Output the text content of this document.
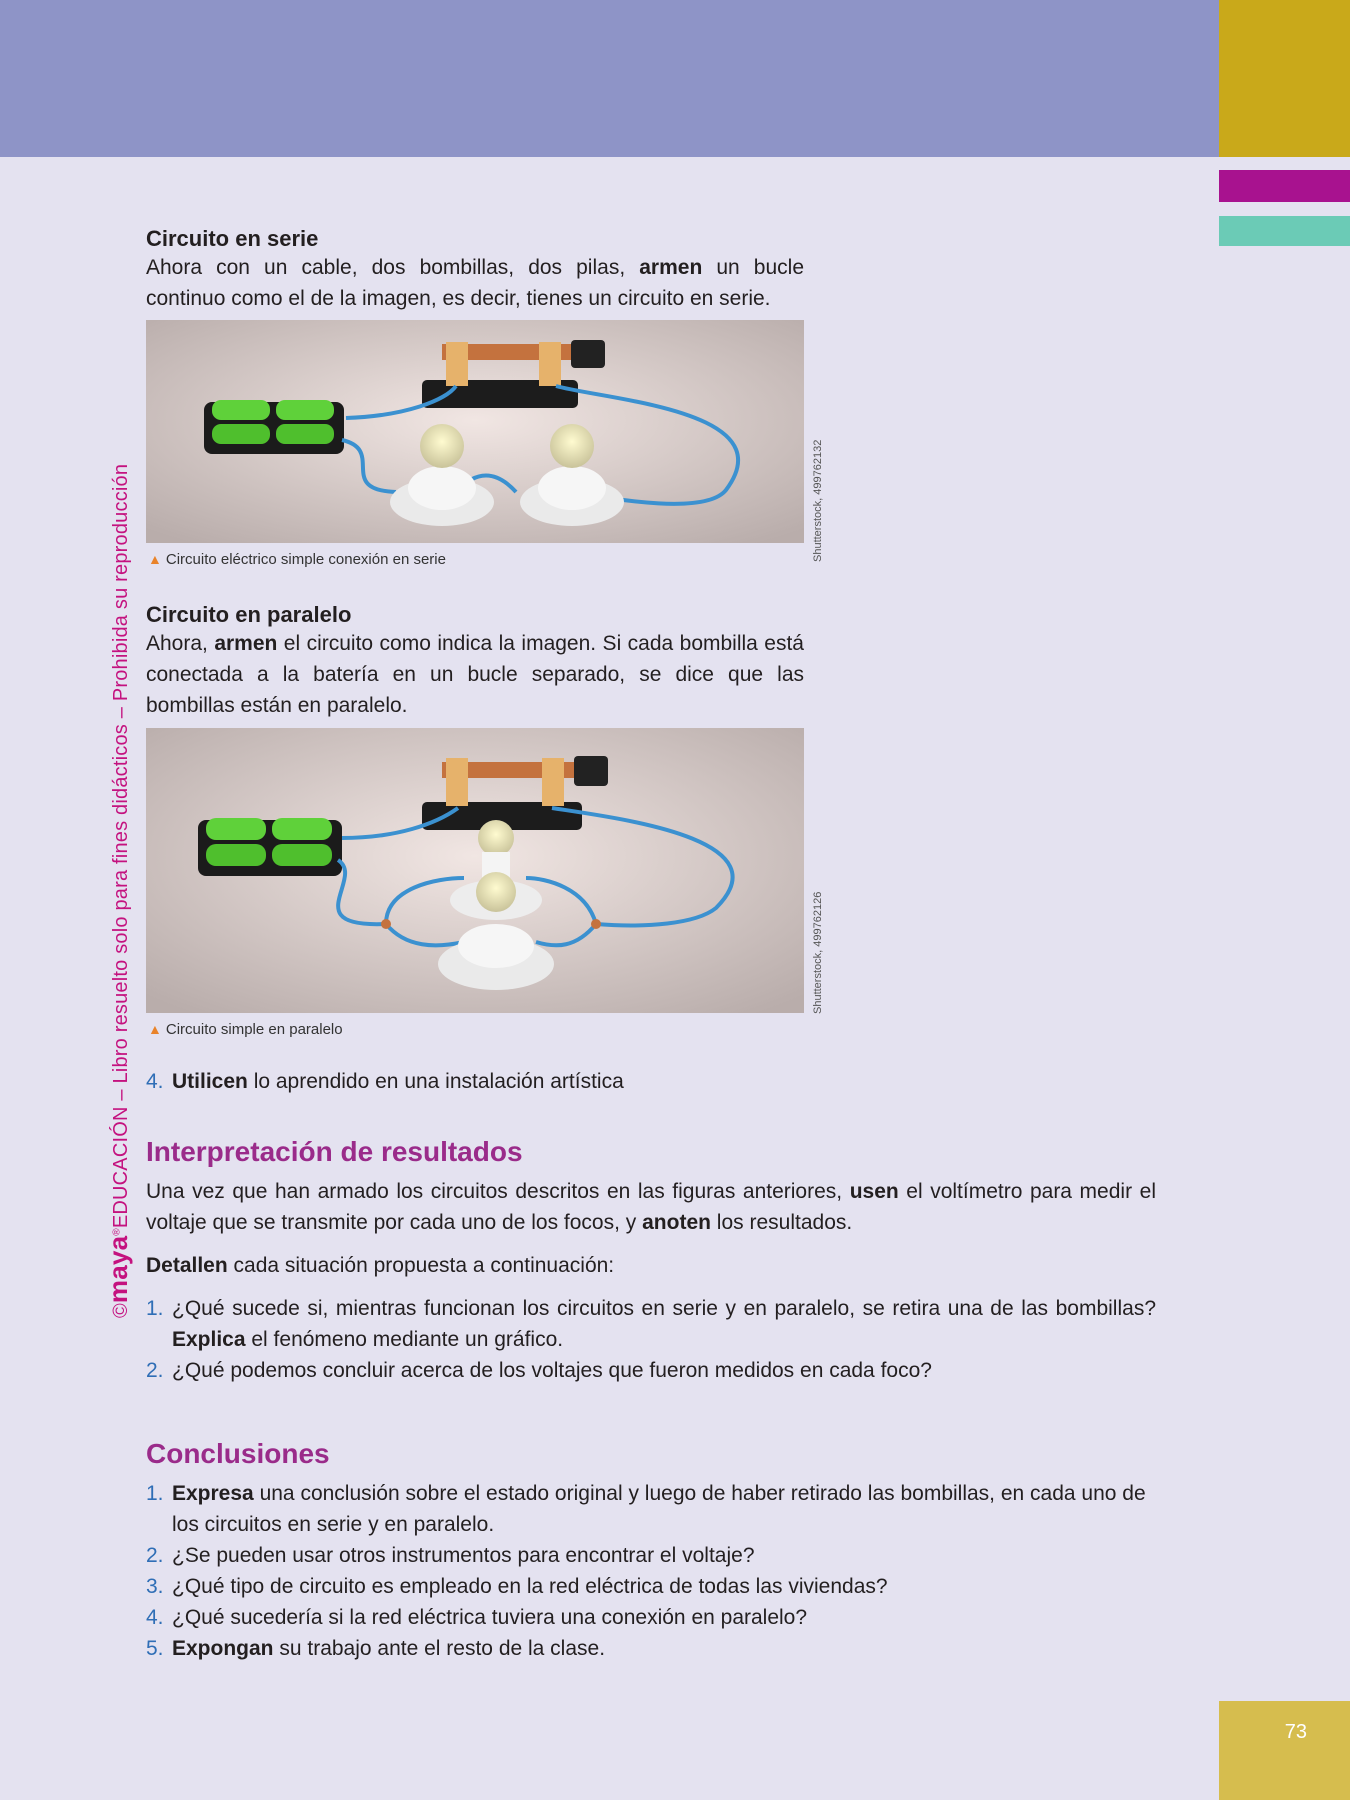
©maya®EDUCACIÓN – Libro resuelto solo para fines didácticos – Prohibida su reproducción
Circuito en serie
Ahora con un cable, dos bombillas, dos pilas, armen un bucle continuo como el de la imagen, es decir, tienes un circuito en serie.
Shutterstock, 499762132
▲ Circuito eléctrico simple conexión en serie
Circuito en paralelo
Ahora, armen el circuito como indica la imagen. Si cada bombilla está conectada a la batería en un bucle separado, se dice que las bombillas están en paralelo.
Shutterstock, 499762126
▲ Circuito simple en paralelo
4. Utilicen lo aprendido en una instalación artística
Interpretación de resultados
Una vez que han armado los circuitos descritos en las figuras anteriores, usen el voltímetro para medir el voltaje que se transmite por cada uno de los focos, y anoten los resultados.
Detallen cada situación propuesta a continuación:
1. ¿Qué sucede si, mientras funcionan los circuitos en serie y en paralelo, se retira una de las bombillas? Explica el fenómeno mediante un gráfico.
2. ¿Qué podemos concluir acerca de los voltajes que fueron medidos en cada foco?
Conclusiones
1. Expresa una conclusión sobre el estado original y luego de haber retirado las bombillas, en cada uno de los circuitos en serie y en paralelo.
2. ¿Se pueden usar otros instrumentos para encontrar el voltaje?
3. ¿Qué tipo de circuito es empleado en la red eléctrica de todas las viviendas?
4. ¿Qué sucedería si la red eléctrica tuviera una conexión en paralelo?
5. Expongan su trabajo ante el resto de la clase.
73
